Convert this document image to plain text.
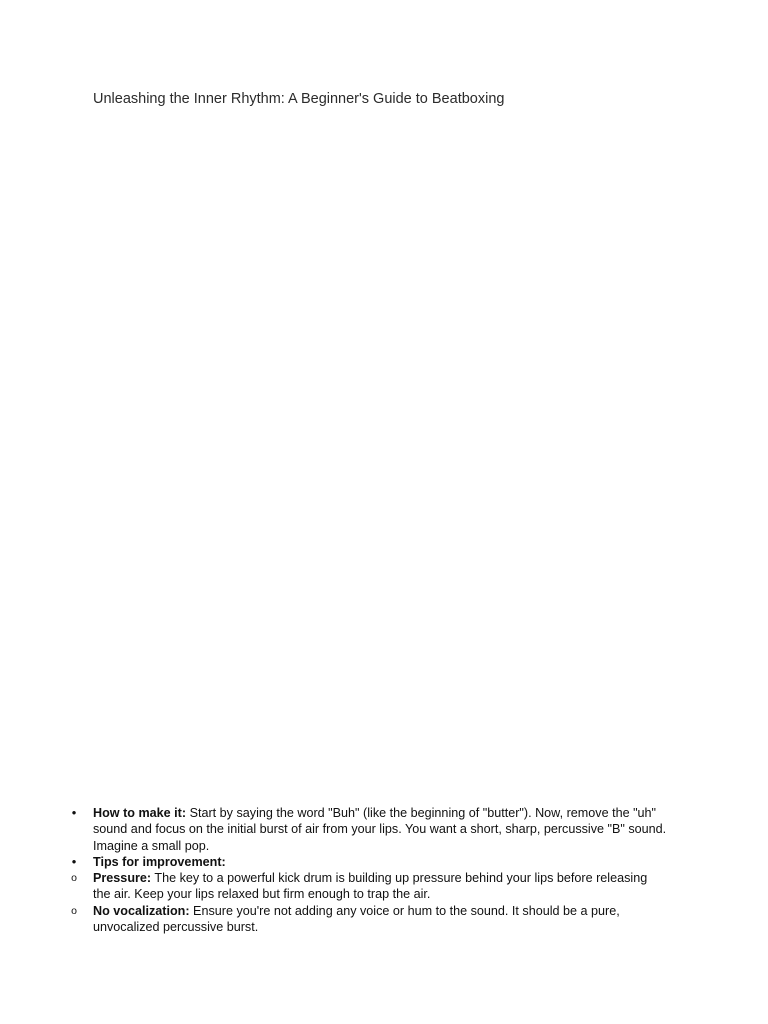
Unleashing the Inner Rhythm: A Beginner's Guide to Beatboxing
•
How to make it: Start by saying the word "Buh" (like the beginning of "butter"). Now, remove the "uh" sound and focus on the initial burst of air from your lips. You want a short, sharp, percussive "B" sound. Imagine a small pop.
•
Tips for improvement:
o
Pressure: The key to a powerful kick drum is building up pressure behind your lips before releasing the air. Keep your lips relaxed but firm enough to trap the air.
o
No vocalization: Ensure you're not adding any voice or hum to the sound. It should be a pure, unvocalized percussive burst.
